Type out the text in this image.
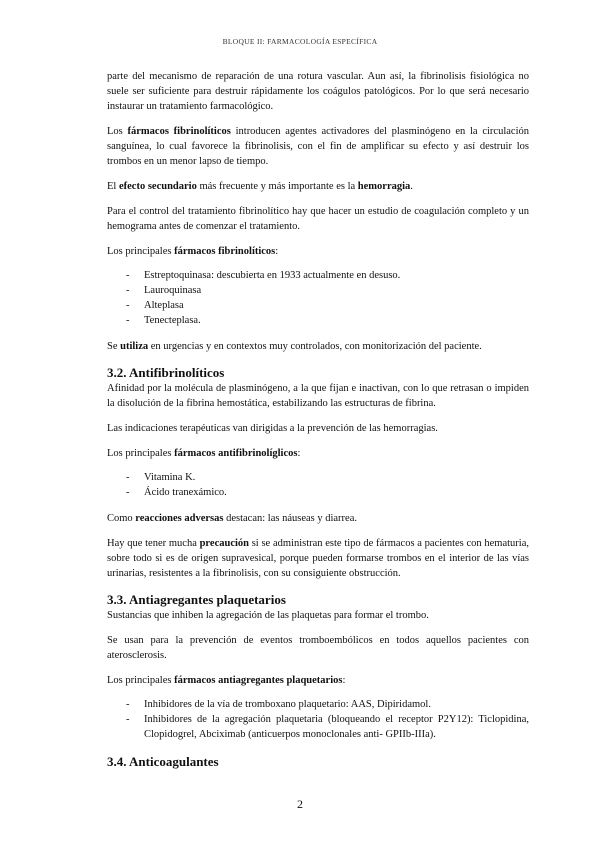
BLOQUE II: FARMACOLOGÍA ESPECÍFICA

parte del mecanismo de reparación de una rotura vascular. Aun así, la fibrinolisis fisiológica no suele ser suficiente para destruir rápidamente los coágulos patológicos. Por lo que será necesario instaurar un tratamiento farmacológico.

Los fármacos fibrinolíticos introducen agentes activadores del plasminógeno en la circulación sanguínea, lo cual favorece la fibrinolisis, con el fin de amplificar su efecto y así destruir los trombos en un menor lapso de tiempo.

El efecto secundario más frecuente y más importante es la hemorragia.

Para el control del tratamiento fibrinolítico hay que hacer un estudio de coagulación completo y un hemograma antes de comenzar el tratamiento.

Los principales fármacos fibrinolíticos:

- Estreptoquinasa: descubierta en 1933 actualmente en desuso.
- Lauroquinasa
- Alteplasa
- Tenecteplasa.

Se utiliza en urgencias y en contextos muy controlados, con monitorización del paciente.

3.2. Antifibrinolíticos

Afinidad por la molécula de plasminógeno, a la que fijan e inactivan, con lo que retrasan o impiden la disolución de la fibrina hemostática, estabilizando las estructuras de fibrina.

Las indicaciones terapéuticas van dirigidas a la prevención de las hemorragias.

Los principales fármacos antifibrinolíglicos:

- Vitamina K.
- Ácido tranexámico.

Como reacciones adversas destacan: las náuseas y diarrea.

Hay que tener mucha precaución si se administran este tipo de fármacos a pacientes con hematuria, sobre todo si es de origen supravesical, porque pueden formarse trombos en el interior de las vías urinarias, resistentes a la fibrinolisis, con su consiguiente obstrucción.

3.3. Antiagregantes plaquetarios

Sustancias que inhiben la agregación de las plaquetas para formar el trombo.

Se usan para la prevención de eventos tromboembólicos en todos aquellos pacientes con aterosclerosis.

Los principales fármacos antiagregantes plaquetarios:

- Inhibidores de la vía de tromboxano plaquetario: AAS, Dipiridamol.
- Inhibidores de la agregación plaquetaria (bloqueando el receptor P2Y12): Ticlopidina, Clopidogrel, Abciximab (anticuerpos monoclonales anti- GPIIb-IIIa).
3.4. Anticoagulantes
2
